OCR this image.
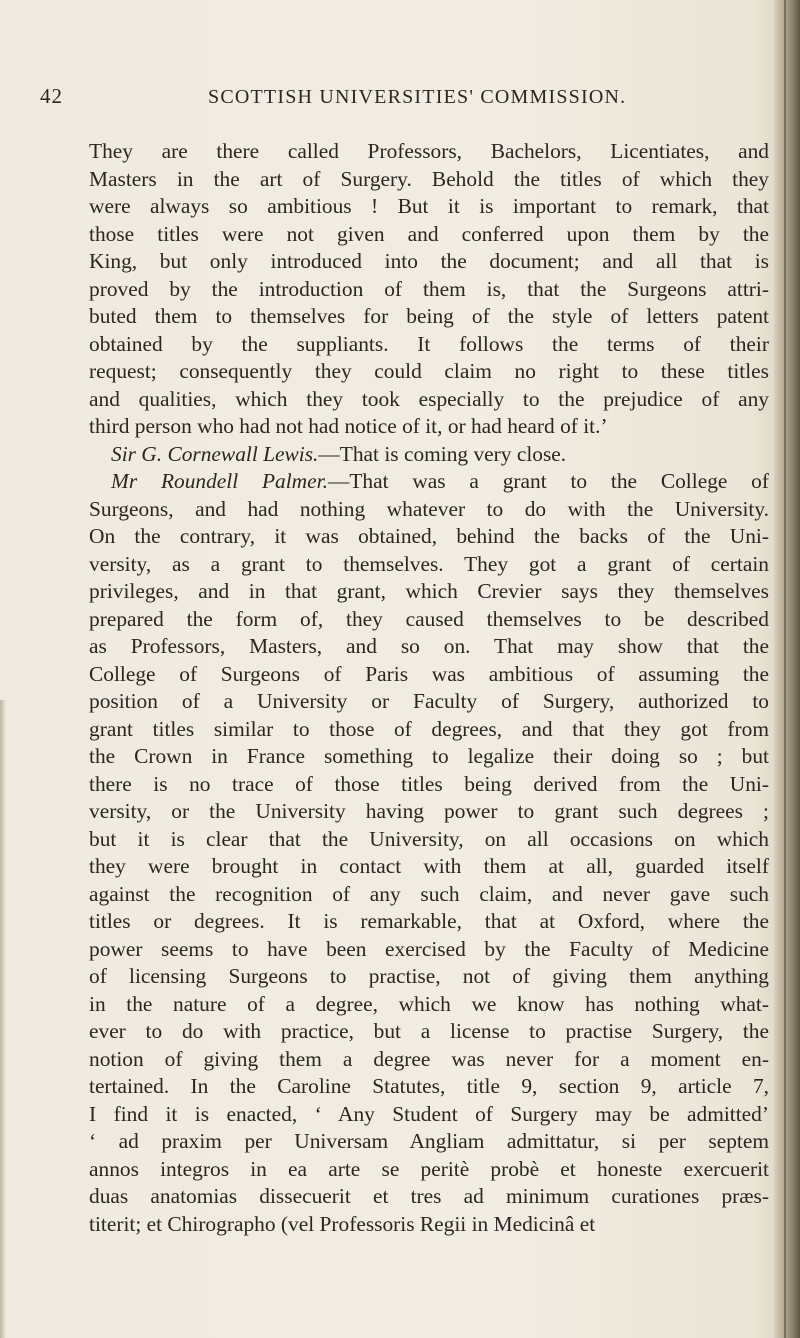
42	SCOTTISH UNIVERSITIES' COMMISSION.
They are there called Professors, Bachelors, Licentiates, and
Masters in the art of Surgery. Behold the titles of which they
were always so ambitious ! But it is important to remark, that
those titles were not given and conferred upon them by the
King, but only introduced into the document; and all that is
proved by the introduction of them is, that the Surgeons attri-
buted them to themselves for being of the style of letters patent
obtained by the suppliants. It follows the terms of their
request; consequently they could claim no right to these titles
and qualities, which they took especially to the prejudice of any
third person who had not had notice of it, or had heard of it.’
Sir G. Cornewall Lewis.—That is coming very close.
Mr Roundell Palmer.—That was a grant to the College of
Surgeons, and had nothing whatever to do with the University.
On the contrary, it was obtained, behind the backs of the Uni-
versity, as a grant to themselves. They got a grant of certain
privileges, and in that grant, which Crevier says they themselves
prepared the form of, they caused themselves to be described
as Professors, Masters, and so on. That may show that the
College of Surgeons of Paris was ambitious of assuming the
position of a University or Faculty of Surgery, authorized to
grant titles similar to those of degrees, and that they got from
the Crown in France something to legalize their doing so ; but
there is no trace of those titles being derived from the Uni-
versity, or the University having power to grant such degrees ;
but it is clear that the University, on all occasions on which
they were brought in contact with them at all, guarded itself
against the recognition of any such claim, and never gave such
titles or degrees. It is remarkable, that at Oxford, where the
power seems to have been exercised by the Faculty of Medicine
of licensing Surgeons to practise, not of giving them anything
in the nature of a degree, which we know has nothing what-
ever to do with practice, but a license to practise Surgery, the
notion of giving them a degree was never for a moment en-
tertained. In the Caroline Statutes, title 9, section 9, article 7,
I find it is enacted, ‘ Any Student of Surgery may be admitted’
‘ ad praxim per Universam Angliam admittatur, si per septem
annos integros in ea arte se peritè probè et honeste exercuerit
duas anatomias dissecuerit et tres ad minimum curationes præs-
titerit; et Chirographo (vel Professoris Regii in Medicinâ et
